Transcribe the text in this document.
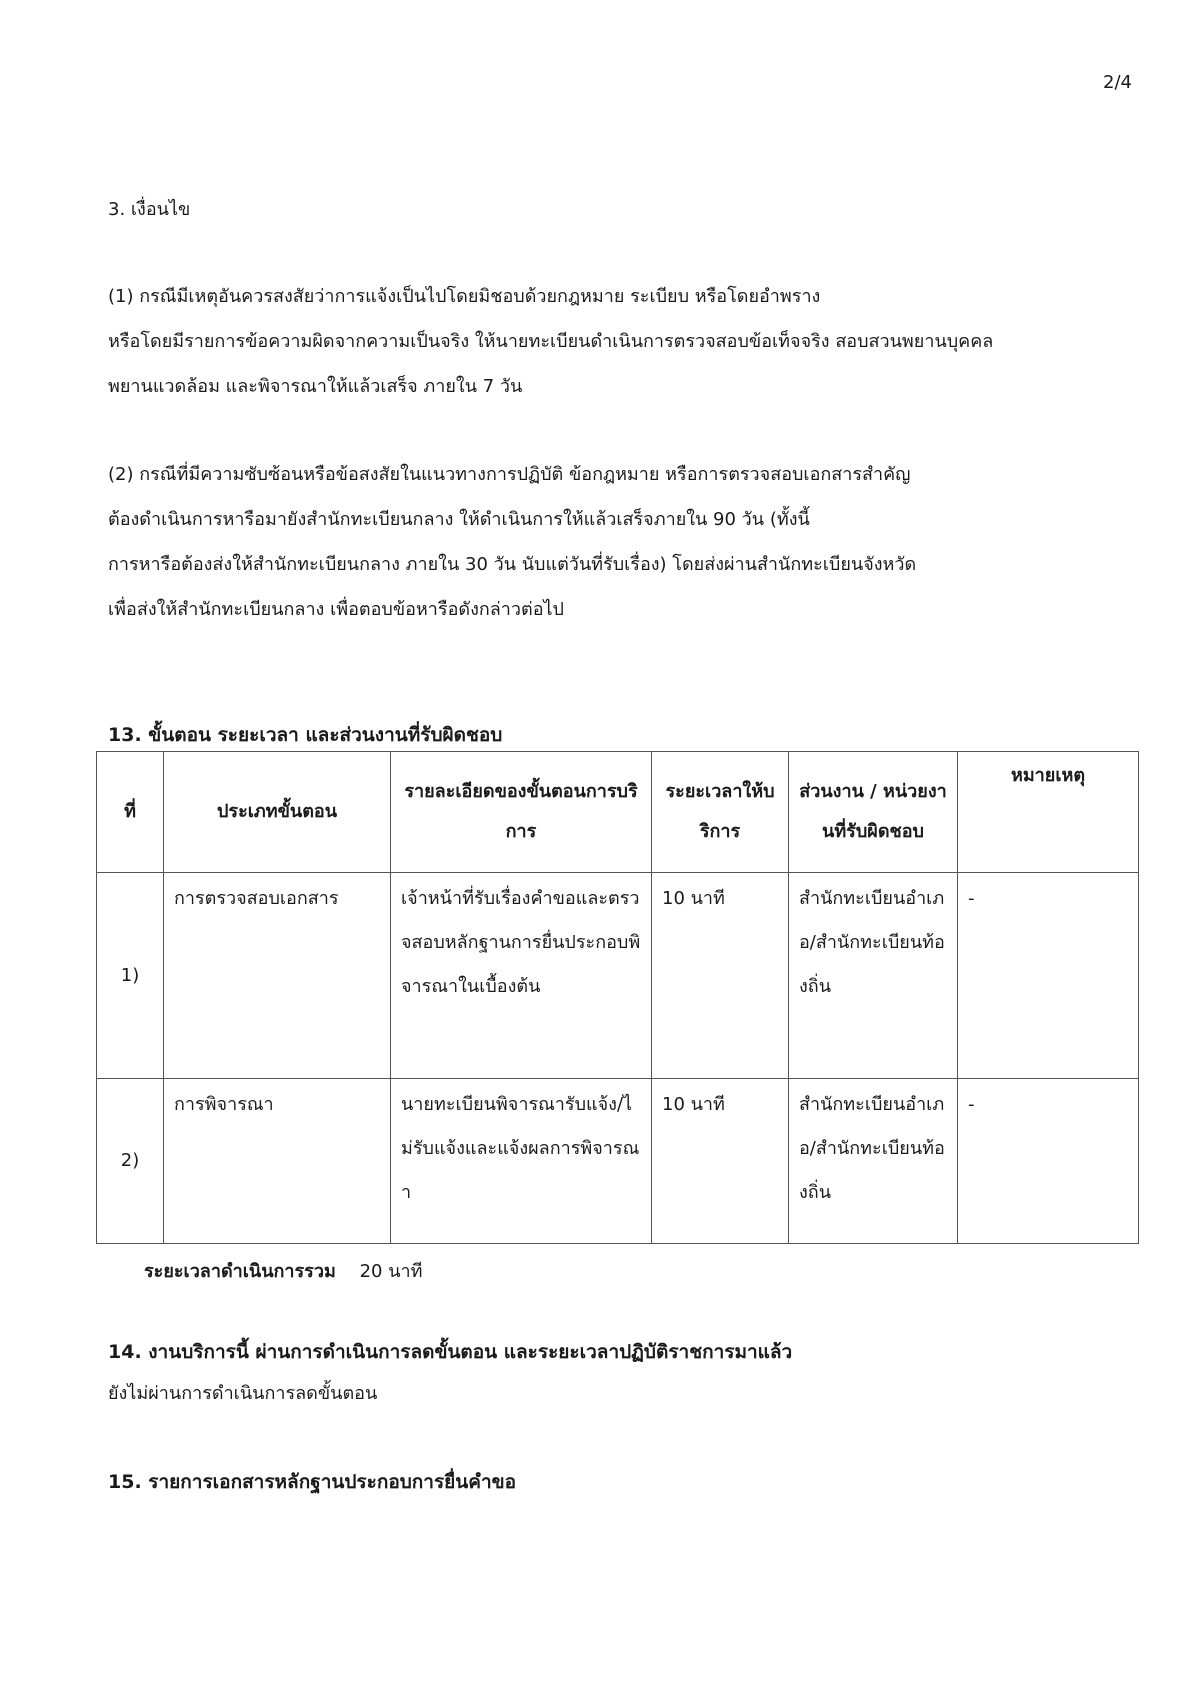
2/4
3. เงื่อนไข
(1) กรณีมีเหตุอันควรสงสัยว่าการแจ้งเป็นไปโดยมิชอบด้วยกฎหมาย ระเบียบ หรือโดยอำพราง
หรือโดยมีรายการข้อความผิดจากความเป็นจริง ให้นายทะเบียนดำเนินการตรวจสอบข้อเท็จจริง สอบสวนพยานบุคคล
พยานแวดล้อม และพิจารณาให้แล้วเสร็จ ภายใน 7 วัน
(2) กรณีที่มีความซับซ้อนหรือข้อสงสัยในแนวทางการปฏิบัติ ข้อกฎหมาย หรือการตรวจสอบเอกสารสำคัญ
ต้องดำเนินการหารือมายังสำนักทะเบียนกลาง ให้ดำเนินการให้แล้วเสร็จภายใน 90 วัน (ทั้งนี้
การหารือต้องส่งให้สำนักทะเบียนกลาง ภายใน 30 วัน นับแต่วันที่รับเรื่อง) โดยส่งผ่านสำนักทะเบียนจังหวัด
เพื่อส่งให้สำนักทะเบียนกลาง เพื่อตอบข้อหารือดังกล่าวต่อไป
13. ขั้นตอน ระยะเวลา และส่วนงานที่รับผิดชอบ
ที่	ประเภทขั้นตอน	รายละเอียดของขั้นตอนการบริการ	ระยะเวลาให้บริการ	ส่วนงาน / หน่วยงานที่รับผิดชอบ	หมายเหตุ
1)	การตรวจสอบเอกสาร	เจ้าหน้าที่รับเรื่องคำขอและตรวจสอบหลักฐานการยื่นประกอบพิจารณาในเบื้องต้น	10 นาที	สำนักทะเบียนอำเภอ/สำนักทะเบียนท้องถิ่น	-
2)	การพิจารณา	นายทะเบียนพิจารณารับแจ้ง/ไม่รับแจ้งและแจ้งผลการพิจารณา	10 นาที	สำนักทะเบียนอำเภอ/สำนักทะเบียนท้องถิ่น	-
ระยะเวลาดำเนินการรวม 20 นาที
14. งานบริการนี้ ผ่านการดำเนินการลดขั้นตอน และระยะเวลาปฏิบัติราชการมาแล้ว
ยังไม่ผ่านการดำเนินการลดขั้นตอน
15. รายการเอกสารหลักฐานประกอบการยื่นคำขอ
